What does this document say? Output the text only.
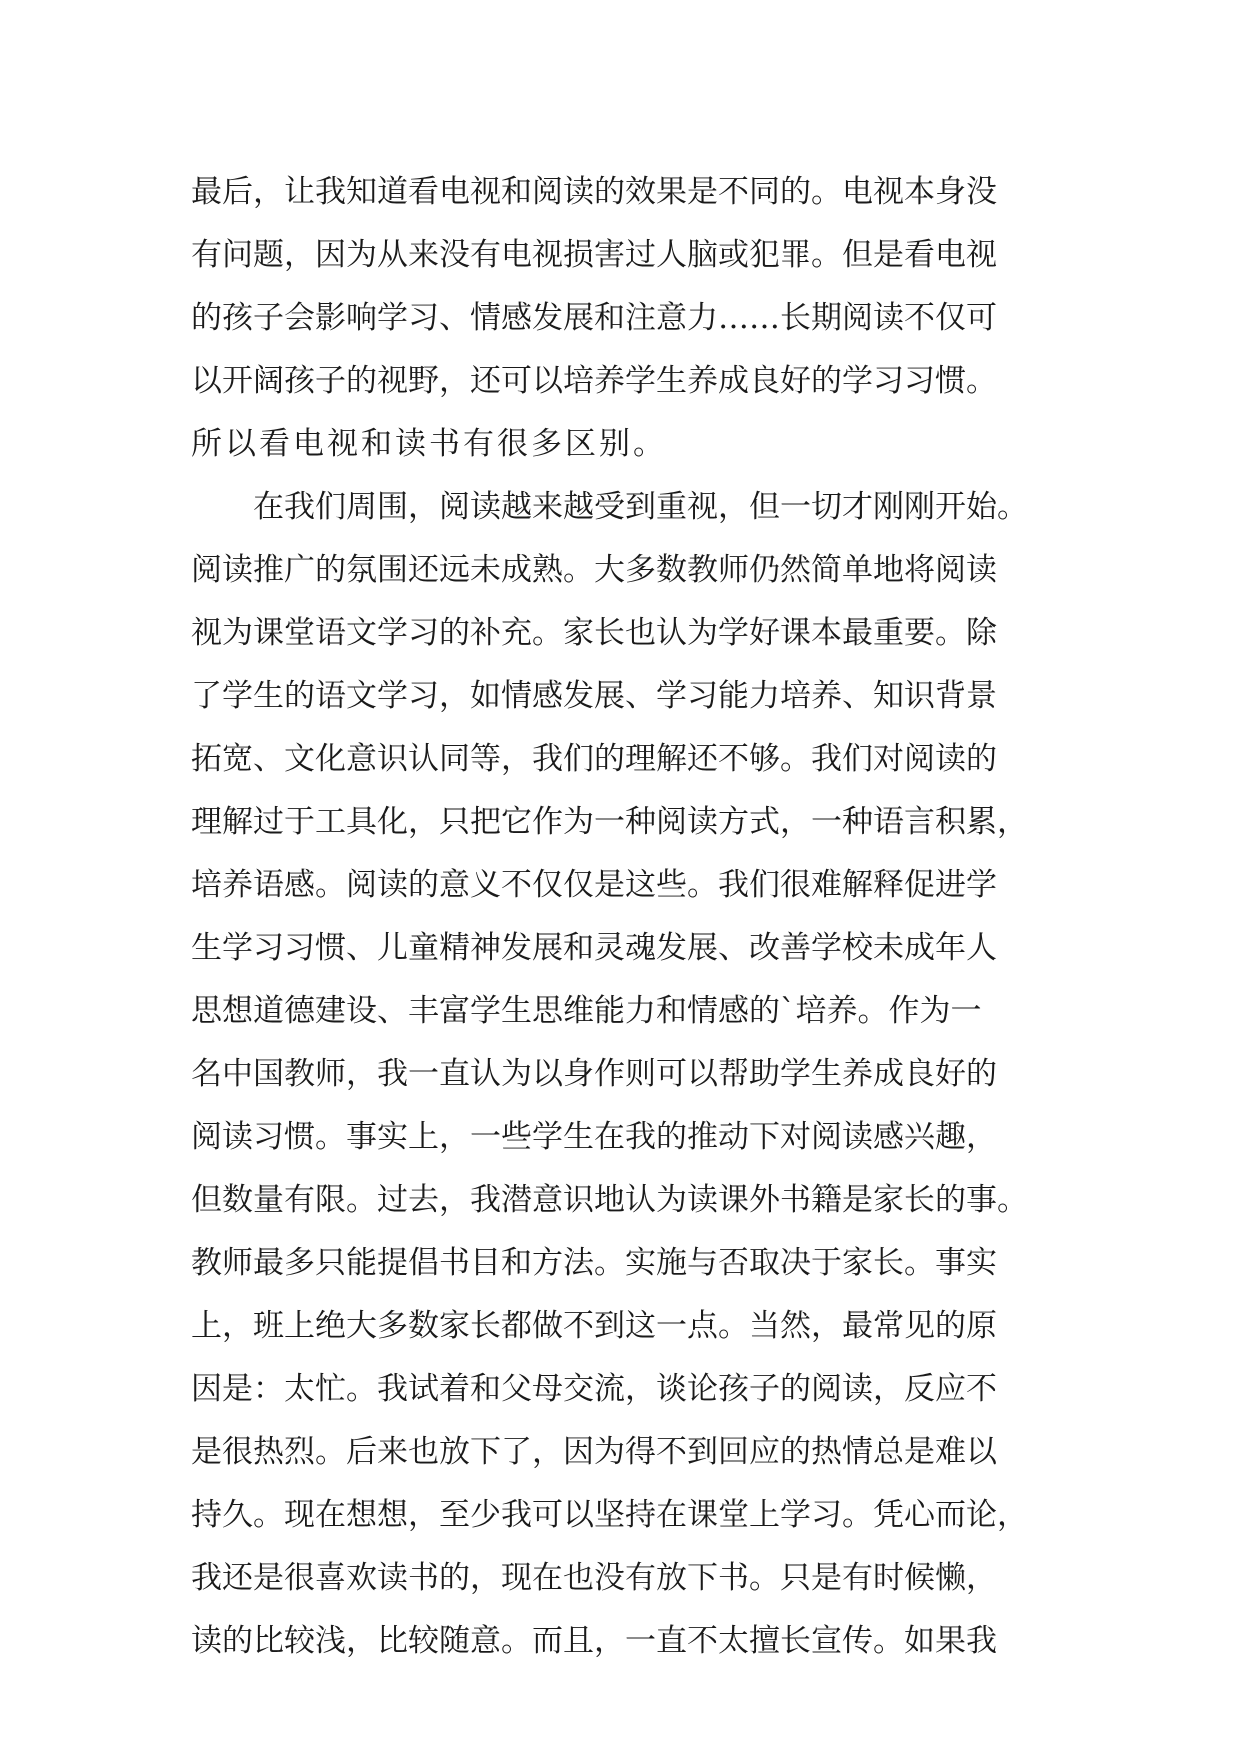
最后，让我知道看电视和阅读的效果是不同的。电视本身没
有问题，因为从来没有电视损害过人脑或犯罪。但是看电视
的孩子会影响学习、情感发展和注意力……长期阅读不仅可
以开阔孩子的视野，还可以培养学生养成良好的学习习惯。
所以看电视和读书有很多区别。
　　在我们周围，阅读越来越受到重视，但一切才刚刚开始。
阅读推广的氛围还远未成熟。大多数教师仍然简单地将阅读
视为课堂语文学习的补充。家长也认为学好课本最重要。除
了学生的语文学习，如情感发展、学习能力培养、知识背景
拓宽、文化意识认同等，我们的理解还不够。我们对阅读的
理解过于工具化，只把它作为一种阅读方式，一种语言积累，
培养语感。阅读的意义不仅仅是这些。我们很难解释促进学
生学习习惯、儿童精神发展和灵魂发展、改善学校未成年人
思想道德建设、丰富学生思维能力和情感的`培养。作为一
名中国教师，我一直认为以身作则可以帮助学生养成良好的
阅读习惯。事实上，一些学生在我的推动下对阅读感兴趣，
但数量有限。过去，我潜意识地认为读课外书籍是家长的事。
教师最多只能提倡书目和方法。实施与否取决于家长。事实
上，班上绝大多数家长都做不到这一点。当然，最常见的原
因是：太忙。我试着和父母交流，谈论孩子的阅读，反应不
是很热烈。后来也放下了，因为得不到回应的热情总是难以
持久。现在想想，至少我可以坚持在课堂上学习。凭心而论，
我还是很喜欢读书的，现在也没有放下书。只是有时候懒，
读的比较浅，比较随意。而且，一直不太擅长宣传。如果我
